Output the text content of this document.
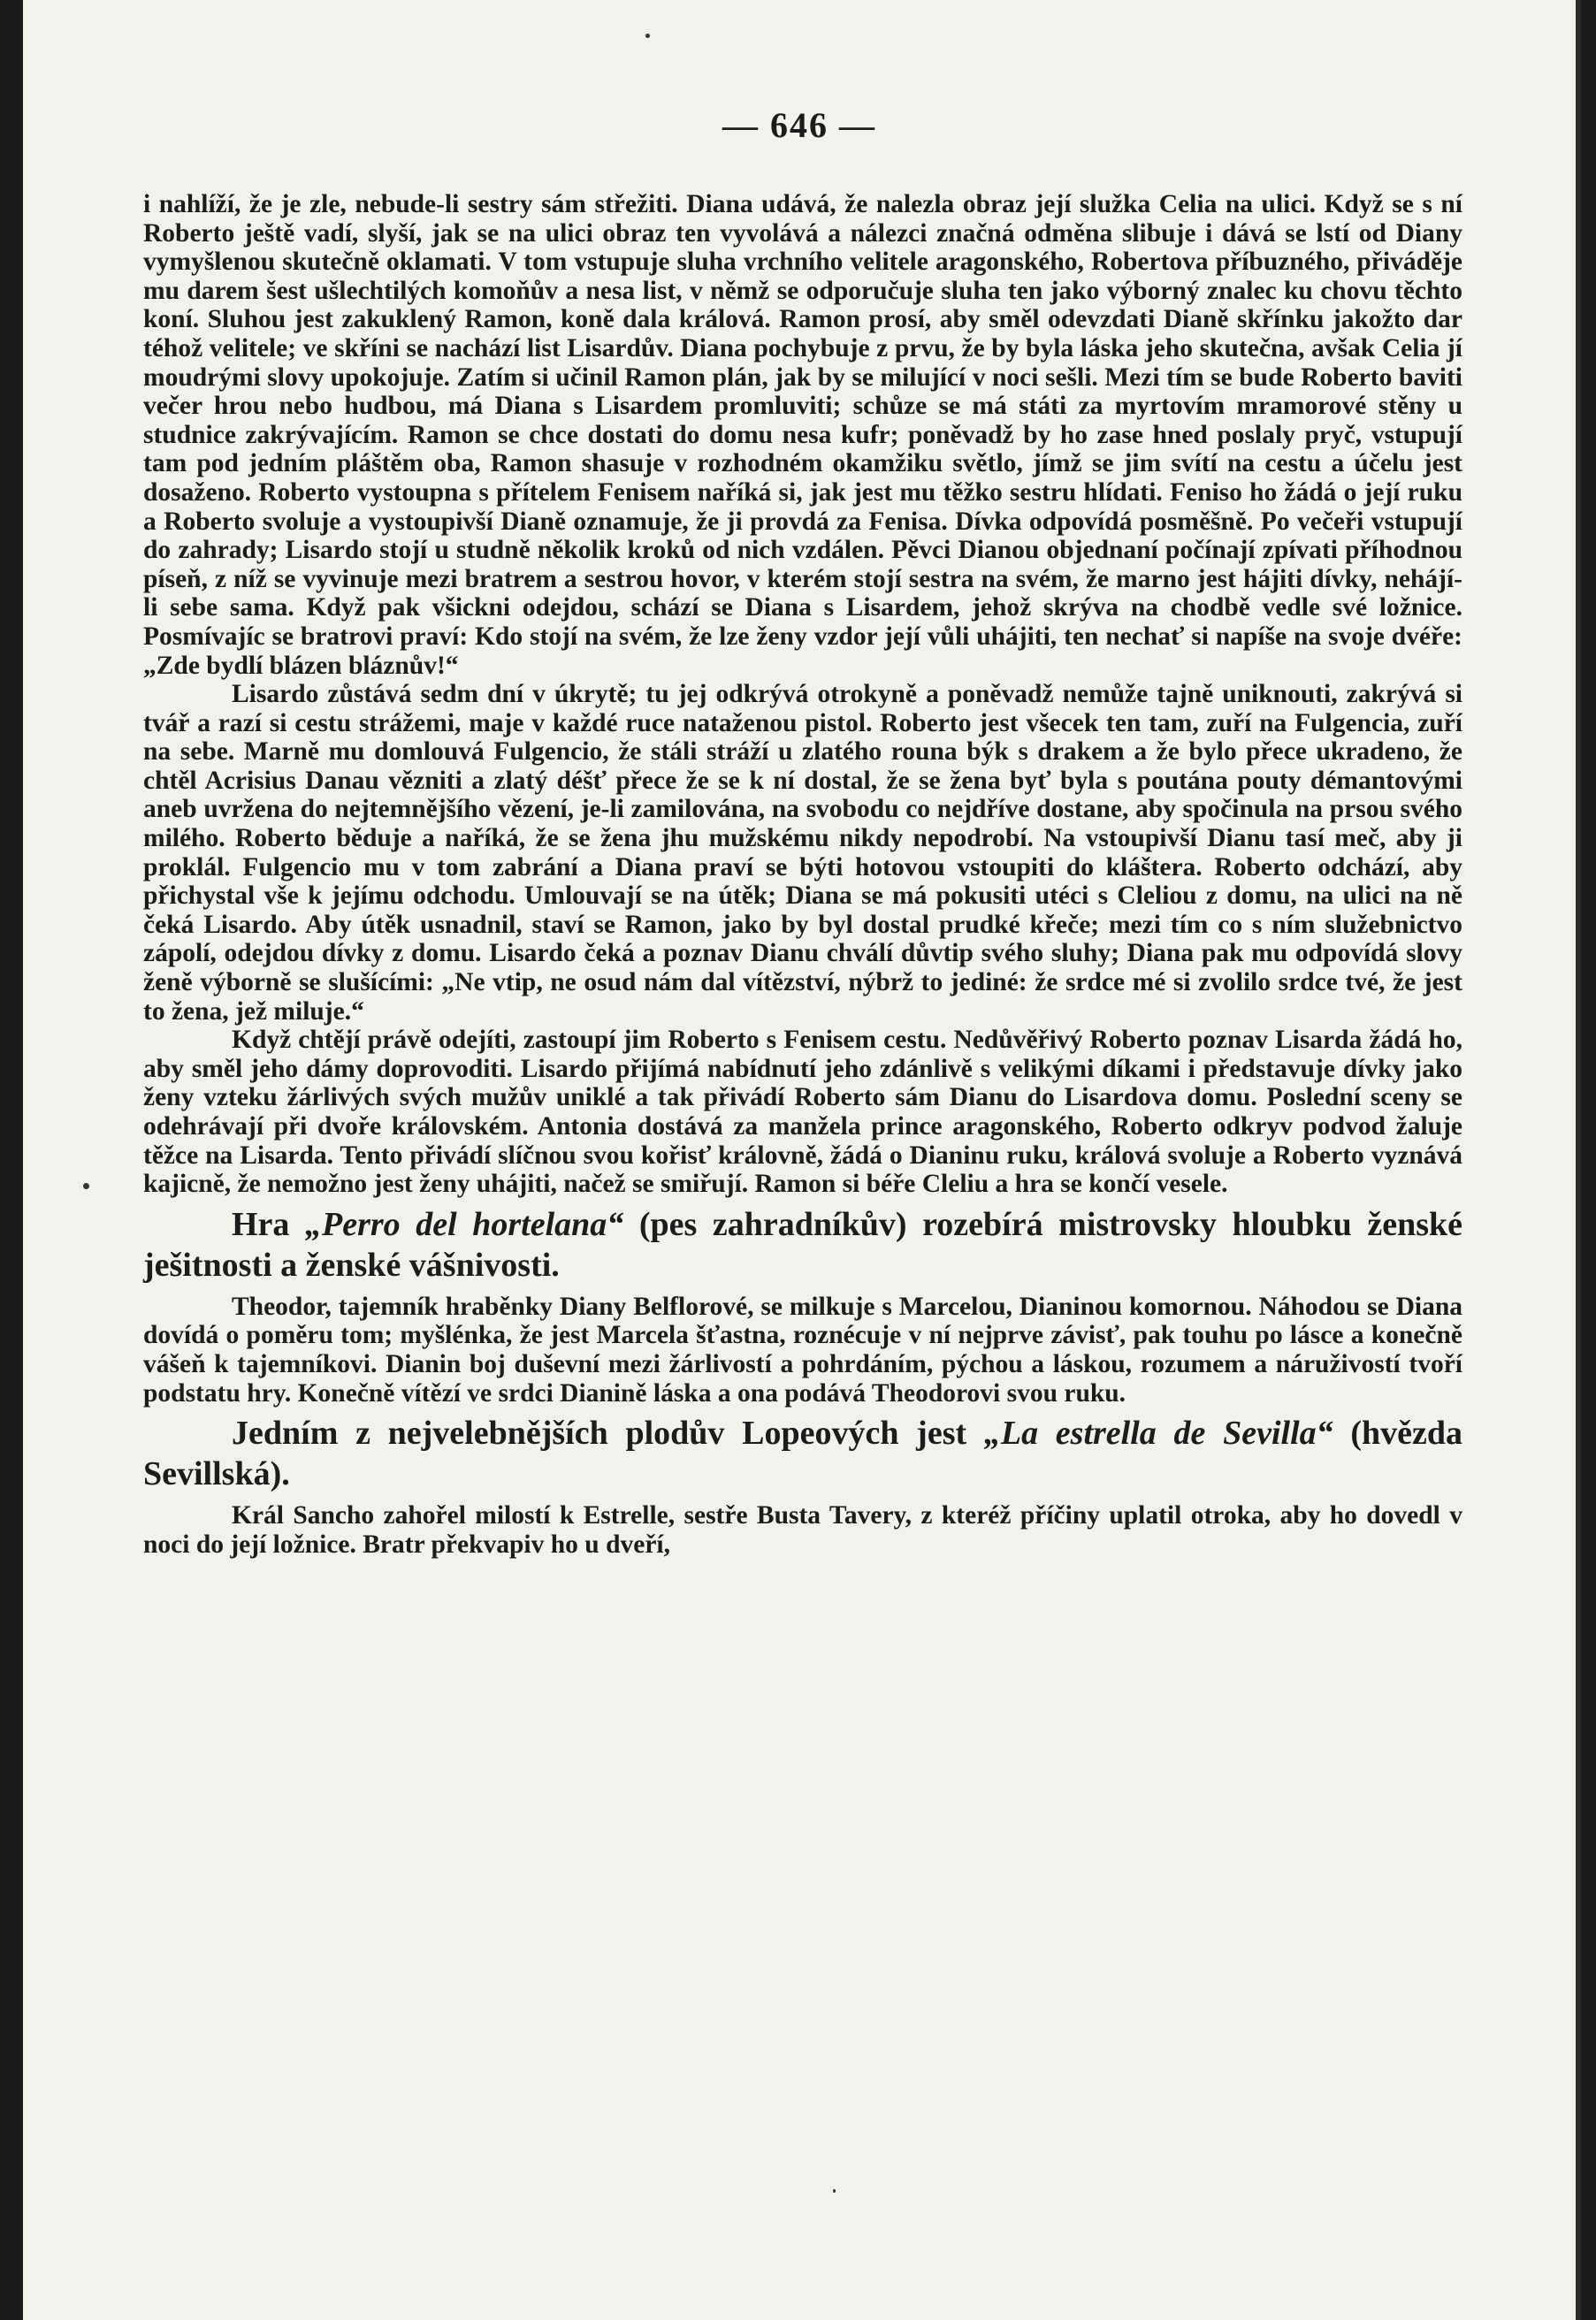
— 646 —

i nahlíží, že je zle, nebude-li sestry sám střežiti. Diana udává, že nalezla obraz její služka Celia na ulici. Když se s ní Roberto ještě vadí, slyší, jak se na ulici obraz ten vyvolává a nálezci značná odměna slibuje i dává se lstí od Diany vymyšlenou skutečně oklamati. V tom vstupuje sluha vrchního velitele aragonského, Robertova příbuzného, přiváděje mu darem šest ušlechtilých komoňův a nesa list, v němž se odporučuje sluha ten jako výborný znalec ku chovu těchto koní. Sluhou jest zakuklený Ramon, koně dala králová. Ramon prosí, aby směl odevzdati Dianě skřínku jakožto dar téhož velitele; ve skříni se nachází list Lisardův. Diana pochybuje z prvu, že by byla láska jeho skutečna, avšak Celia jí moudrými slovy upokojuje. Zatím si učinil Ramon plán, jak by se milující v noci sešli. Mezi tím se bude Roberto baviti večer hrou nebo hudbou, má Diana s Lisardem promluviti; schůze se má státi za myrtovím mramorové stěny u studnice zakrývajícím. Ramon se chce dostati do domu nesa kufr; poněvadž by ho zase hned poslaly pryč, vstupují tam pod jedním pláštěm oba, Ramon shasuje v rozhodném okamžiku světlo, jímž se jim svítí na cestu a účelu jest dosaženo. Roberto vystoupna s přítelem Fenisem naříká si, jak jest mu těžko sestru hlídati. Feniso ho žádá o její ruku a Roberto svoluje a vystoupivší Dianě oznamuje, že ji provdá za Fenisa. Dívka odpovídá posměšně. Po večeři vstupují do zahrady; Lisardo stojí u studně několik kroků od nich vzdálen. Pěvci Dianou objednaní počínají zpívati příhodnou píseň, z níž se vyvinuje mezi bratrem a sestrou hovor, v kterém stojí sestra na svém, že marno jest hájiti dívky, nehájí-li sebe sama. Když pak všickni odejdou, schází se Diana s Lisardem, jehož skrýva na chodbě vedle své ložnice. Posmívajíc se bratrovi praví: Kdo stojí na svém, že lze ženy vzdor její vůli uhájiti, ten nechať si napíše na svoje dvéře: „Zde bydlí blázen bláznův!“

Lisardo zůstává sedm dní v úkrytě; tu jej odkrývá otrokyně a poněvadž nemůže tajně uniknouti, zakrývá si tvář a razí si cestu strážemi, maje v každé ruce nataženou pistol. Roberto jest všecek ten tam, zuří na Fulgencia, zuří na sebe. Marně mu domlouvá Fulgencio, že stáli stráží u zlatého rouna býk s drakem a že bylo přece ukradeno, že chtěl Acrisius Danau vězniti a zlatý déšť přece že se k ní dostal, že se žena byť byla s poutána pouty démantovými aneb uvržena do nejtemnějšího vězení, je-li zamilována, na svobodu co nejdříve dostane, aby spočinula na prsou svého milého. Roberto běduje a naříká, že se žena jhu mužskému nikdy nepodrobí. Na vstoupivší Dianu tasí meč, aby ji proklál. Fulgencio mu v tom zabrání a Diana praví se býti hotovou vstoupiti do kláštera. Roberto odchází, aby přichystal vše k jejímu odchodu. Umlouvají se na útěk; Diana se má pokusiti utéci s Cleliou z domu, na ulici na ně čeká Lisardo. Aby útěk usnadnil, staví se Ramon, jako by byl dostal prudké křeče; mezi tím co s ním služebnictvo zápolí, odejdou dívky z domu. Lisardo čeká a poznav Dianu chválí důvtip svého sluhy; Diana pak mu odpovídá slovy ženě výborně se slušícími: „Ne vtip, ne osud nám dal vítězství, nýbrž to jediné: že srdce mé si zvolilo srdce tvé, že jest to žena, jež miluje.“

Když chtějí právě odejíti, zastoupí jim Roberto s Fenisem cestu. Nedůvěřivý Roberto poznav Lisarda žádá ho, aby směl jeho dámy doprovoditi. Lisardo přijímá nabídnutí jeho zdánlivě s velikými díkami i představuje dívky jako ženy vzteku žárlivých svých mužův uniklé a tak přivádí Roberto sám Dianu do Lisardova domu. Poslední sceny se odehrávají při dvoře královském. Antonia dostává za manžela prince aragonského, Roberto odkryv podvod žaluje těžce na Lisarda. Tento přivádí slíčnou svou kořisť královně, žádá o Dianinu ruku, králová svoluje a Roberto vyznává kajicně, že nemožno jest ženy uhájiti, načež se smiřují. Ramon si béře Cleliu a hra se končí vesele.

Hra „Perro del hortelana“ (pes zahradníkův) rozebírá mistrovsky hloubku ženské ješitnosti a ženské vášnivosti.

Theodor, tajemník hraběnky Diany Belflorové, se milkuje s Marcelou, Dianinou komornou. Náhodou se Diana dovídá o poměru tom; myšlénka, že jest Marcela šťastna, roznécuje v ní nejprve závisť, pak touhu po lásce a konečně vášeň k tajemníkovi. Dianin boj duševní mezi žárlivostí a pohrdáním, pýchou a láskou, rozumem a náruživostí tvoří podstatu hry. Konečně vítězí ve srdci Dianině láska a ona podává Theodorovi svou ruku.

Jedním z nejvelebnějších plodův Lopeových jest „La estrella de Sevilla“ (hvězda Sevillská).

Král Sancho zahořel milostí k Estrelle, sestře Busta Tavery, z kteréž příčiny uplatil otroka, aby ho dovedl v noci do její ložnice. Bratr překvapiv ho u dveří,
